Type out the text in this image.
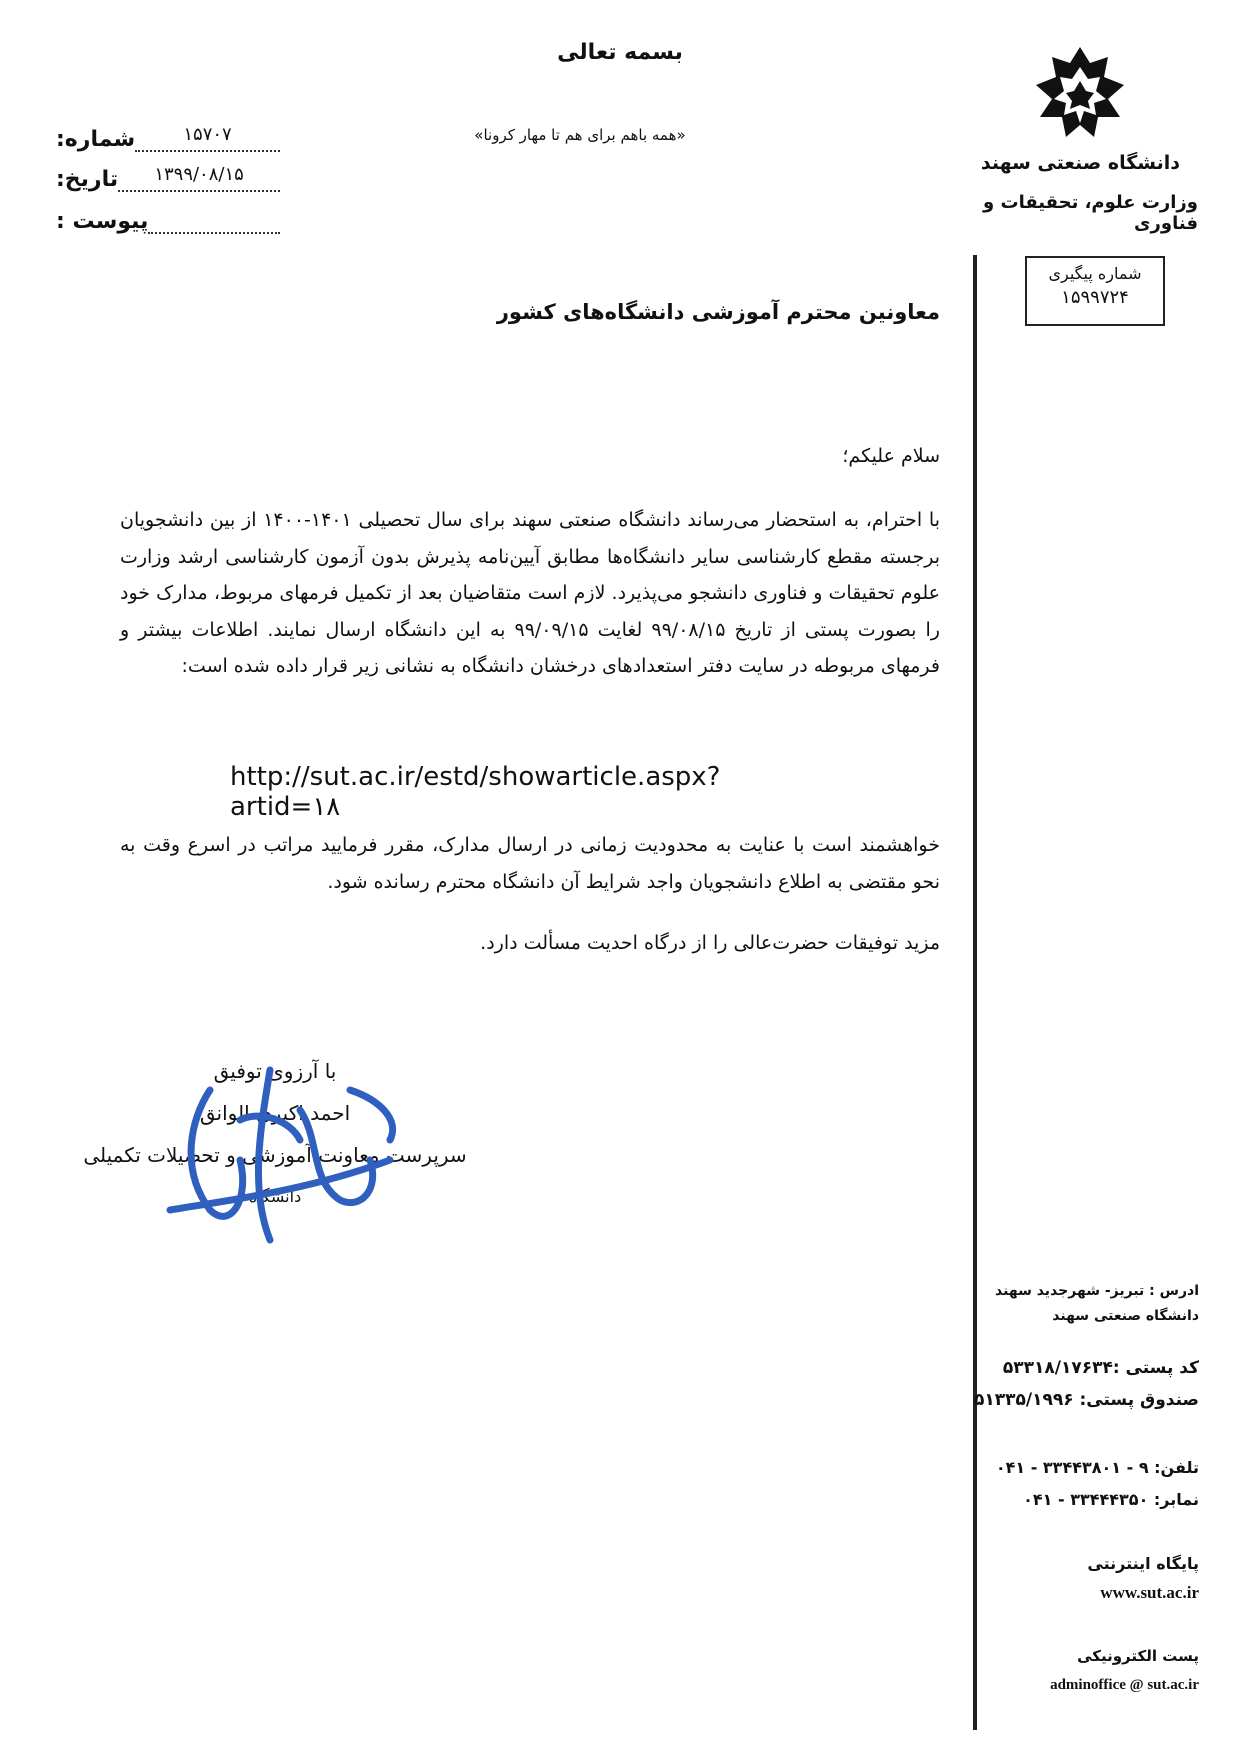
بسمه تعالی
«همه باهم برای هم تا مهار کرونا»
شماره:	۱۵۷۰۷
تاریخ:	۱۳۹۹/۰۸/۱۵
پیوست :
دانشگاه صنعتی سهند
وزارت علوم، تحقیقات و فناوری
شماره پیگیری
۱۵۹۹۷۲۴
معاونین محترم آموزشی دانشگاه‌های کشور
سلام علیکم؛
با احترام، به استحضار می‌رساند دانشگاه صنعتی سهند برای سال تحصیلی ۱۴۰۱-۱۴۰۰ از بین دانشجویان برجسته مقطع کارشناسی سایر دانشگاه‌ها مطابق آیین‌نامه پذیرش بدون آزمون کارشناسی ارشد وزارت علوم تحقیقات و فناوری دانشجو می‌پذیرد. لازم است متقاضیان بعد از تکمیل فرمهای مربوط، مدارک خود را بصورت پستی از تاریخ ۹۹/۰۸/۱۵ لغایت ۹۹/۰۹/۱۵ به این دانشگاه ارسال نمایند. اطلاعات بیشتر و فرمهای مربوطه در سایت دفتر استعدادهای درخشان دانشگاه به نشانی زیر قرار داده شده است:
http://sut.ac.ir/estd/showarticle.aspx?artid=۱۸
خواهشمند است با عنایت به محدودیت زمانی در ارسال مدارک، مقرر فرمایید مراتب در اسرع وقت به نحو مقتضی به اطلاع دانشجویان واجد شرایط آن دانشگاه محترم رسانده شود.
مزید توفیقات حضرت‌عالی را از درگاه احدیت مسألت دارد.
با آرزوی توفیق
احمد اکبری الوانق
سرپرست معاونت آموزشی و تحصیلات تکمیلی
دانشگاه
ادرس : تبریز- شهرجدید سهند
دانشگاه صنعتی سهند
کد پستی :۵۳۳۱۸/۱۷۶۳۴
صندوق پستی: ۵۱۳۳۵/۱۹۹۶
تلفن: ۹ - ۳۳۴۴۳۸۰۱ - ۰۴۱
نمابر: ۳۳۴۴۴۳۵۰ - ۰۴۱
پایگاه اینترنتی
www.sut.ac.ir
پست الکترونیکی
adminoffice @ sut.ac.ir
